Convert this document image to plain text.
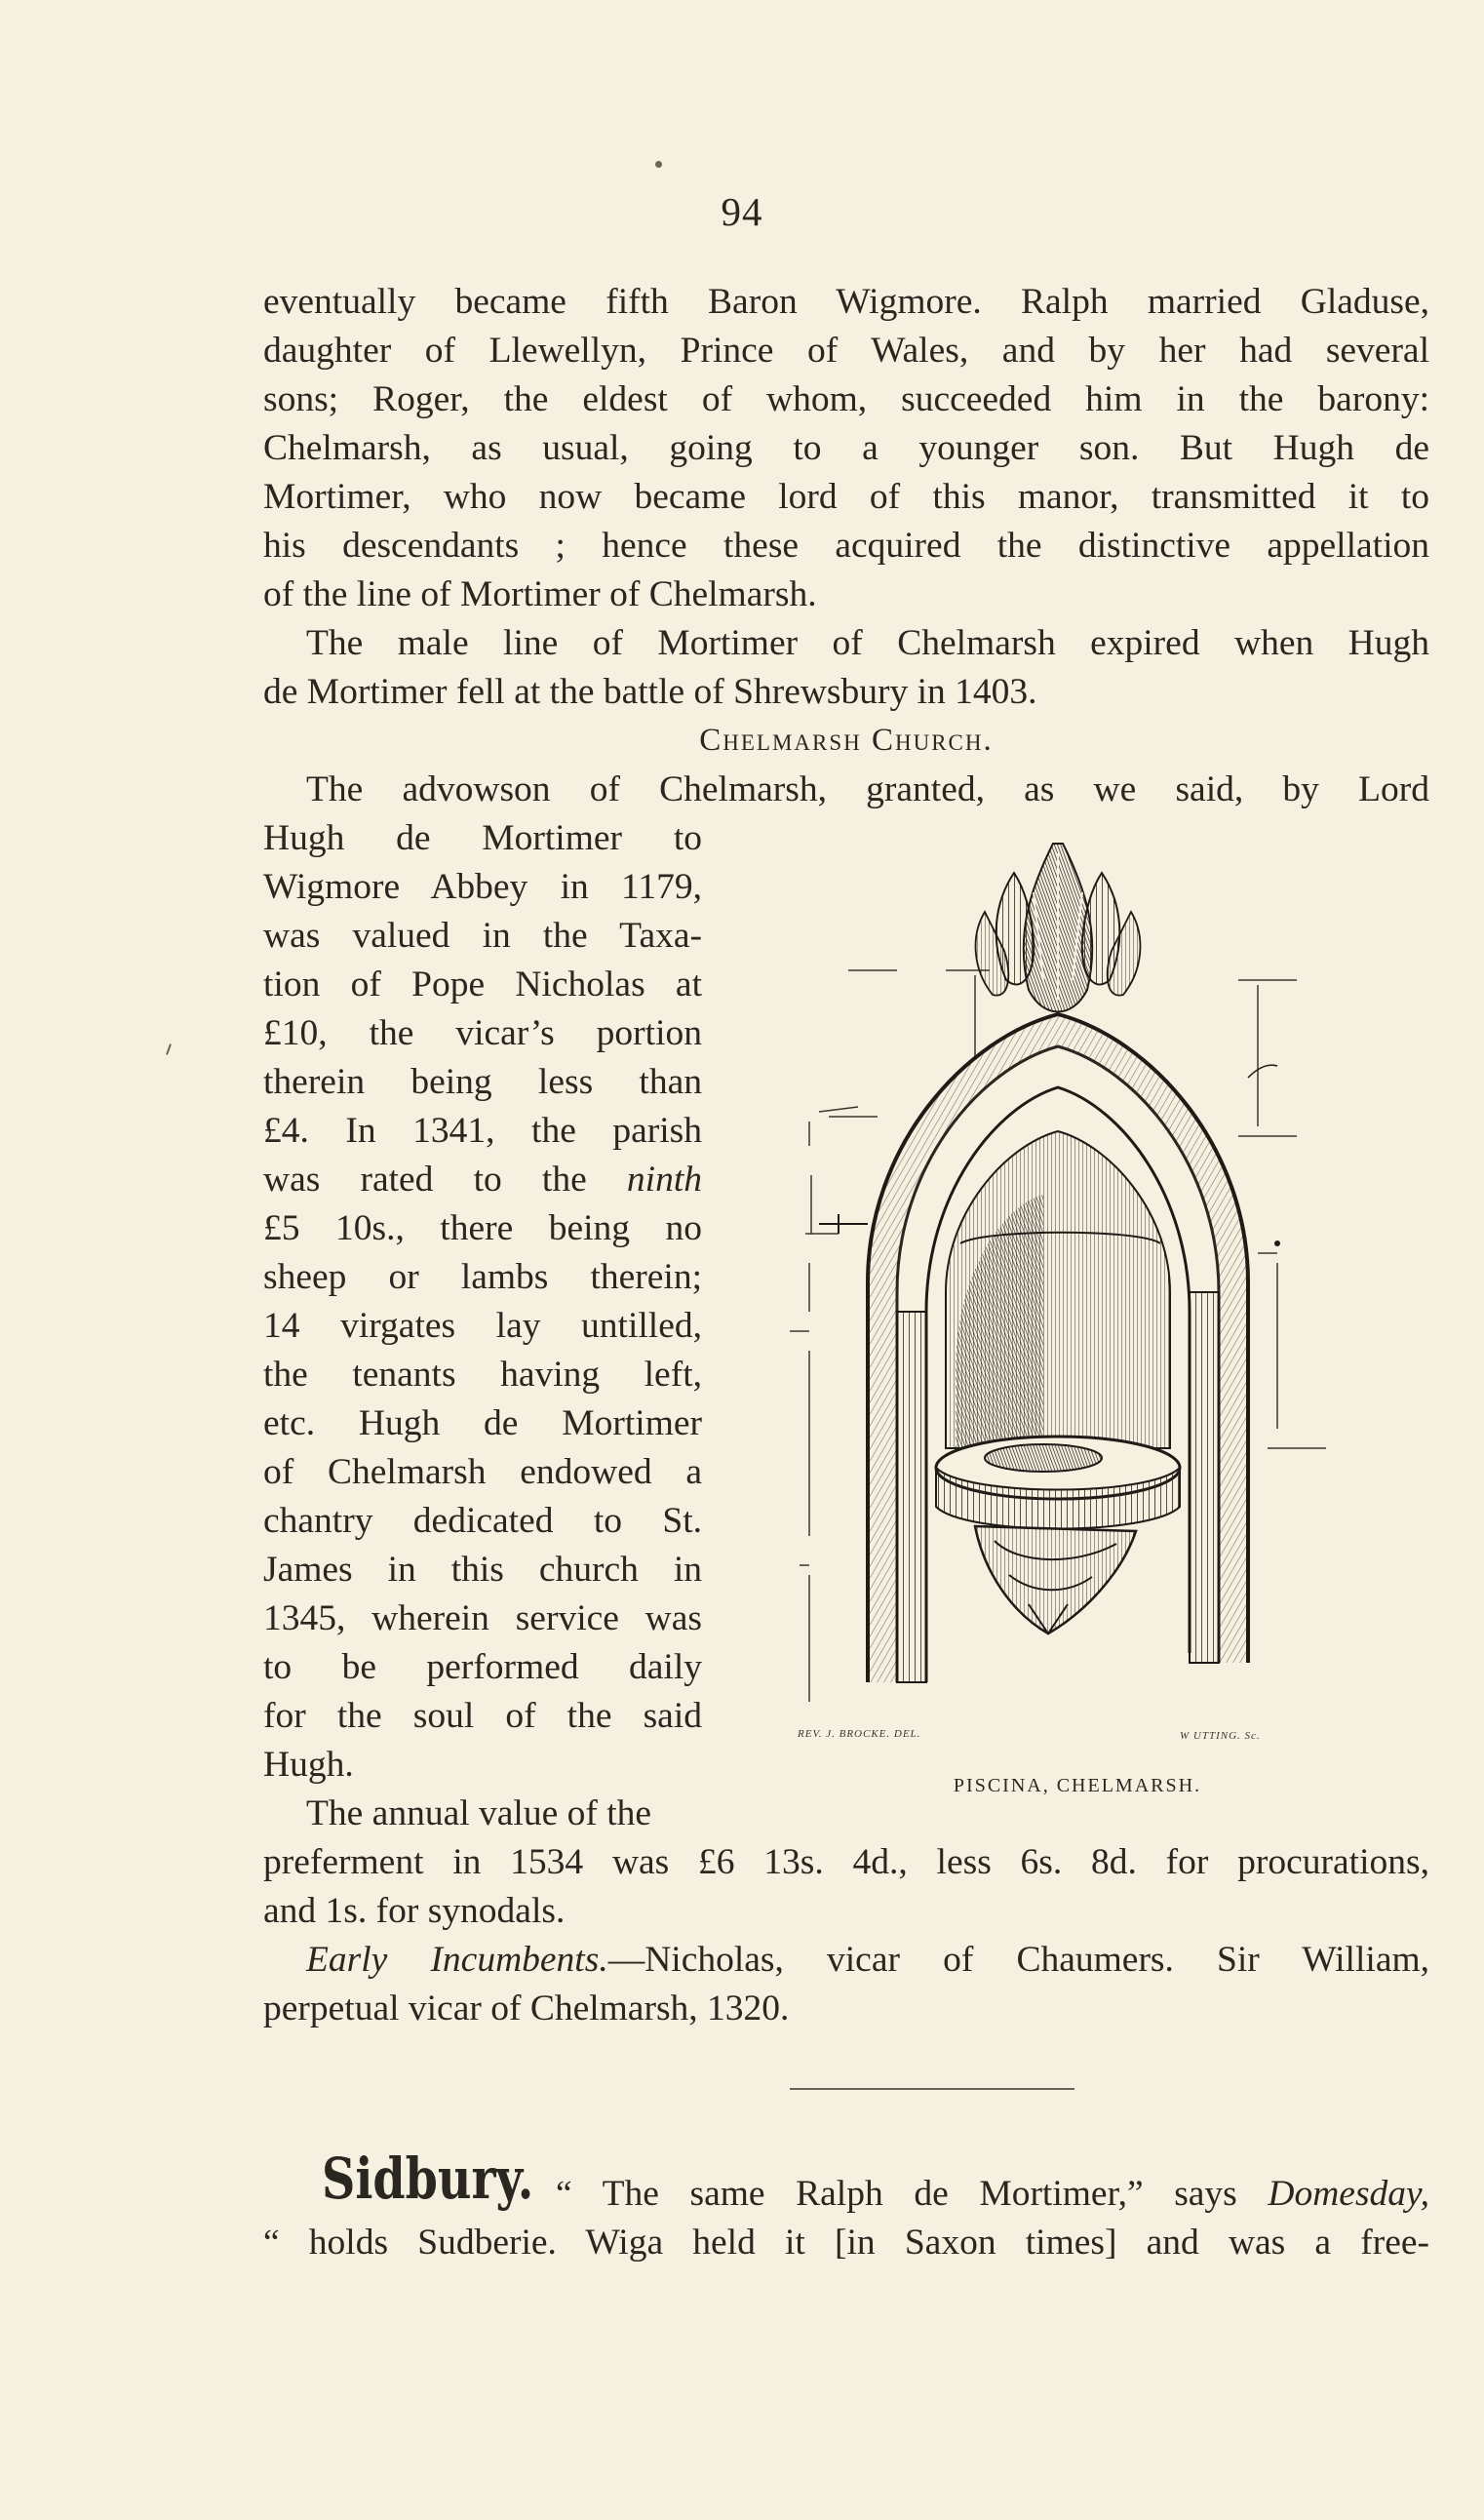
94
eventually became fifth Baron Wigmore. Ralph married Gladuse,
daughter of Llewellyn, Prince of Wales, and by her had several
sons; Roger, the eldest of whom, succeeded him in the barony:
Chelmarsh, as usual, going to a younger son. But Hugh de
Mortimer, who now became lord of this manor, transmitted it to
his descendants ; hence these acquired the distinctive appellation
of the line of Mortimer of Chelmarsh.
The male line of Mortimer of Chelmarsh expired when Hugh
de Mortimer fell at the battle of Shrewsbury in 1403.
Chelmarsh Church.
The advowson of Chelmarsh, granted, as we said, by Lord
Hugh de Mortimer to
Wigmore Abbey in 1179,
was valued in the Taxa-
tion of Pope Nicholas at
£10, the vicar’s portion
therein being less than
£4. In 1341, the parish
was rated to the ninth
£5 10s., there being no
sheep or lambs therein;
14 virgates lay untilled,
the tenants having left,
etc. Hugh de Mortimer
of Chelmarsh endowed a
chantry dedicated to St.
James in this church in
1345, wherein service was
to be performed daily
for the soul of the said
Hugh.
The annual value of the
preferment in 1534 was £6 13s. 4d., less 6s. 8d. for procurations,
and 1s. for synodals.
Early Incumbents.—Nicholas, vicar of Chaumers. Sir William,
perpetual vicar of Chelmarsh, 1320.
“ The same Ralph de Mortimer,” says Domesday,
“ holds Sudberie. Wiga held it [in Saxon times] and was a free-
Sidbury.
REV. J. BROCKE. DEL.	W UTTING. Sc.
PISCINA, CHELMARSH.
